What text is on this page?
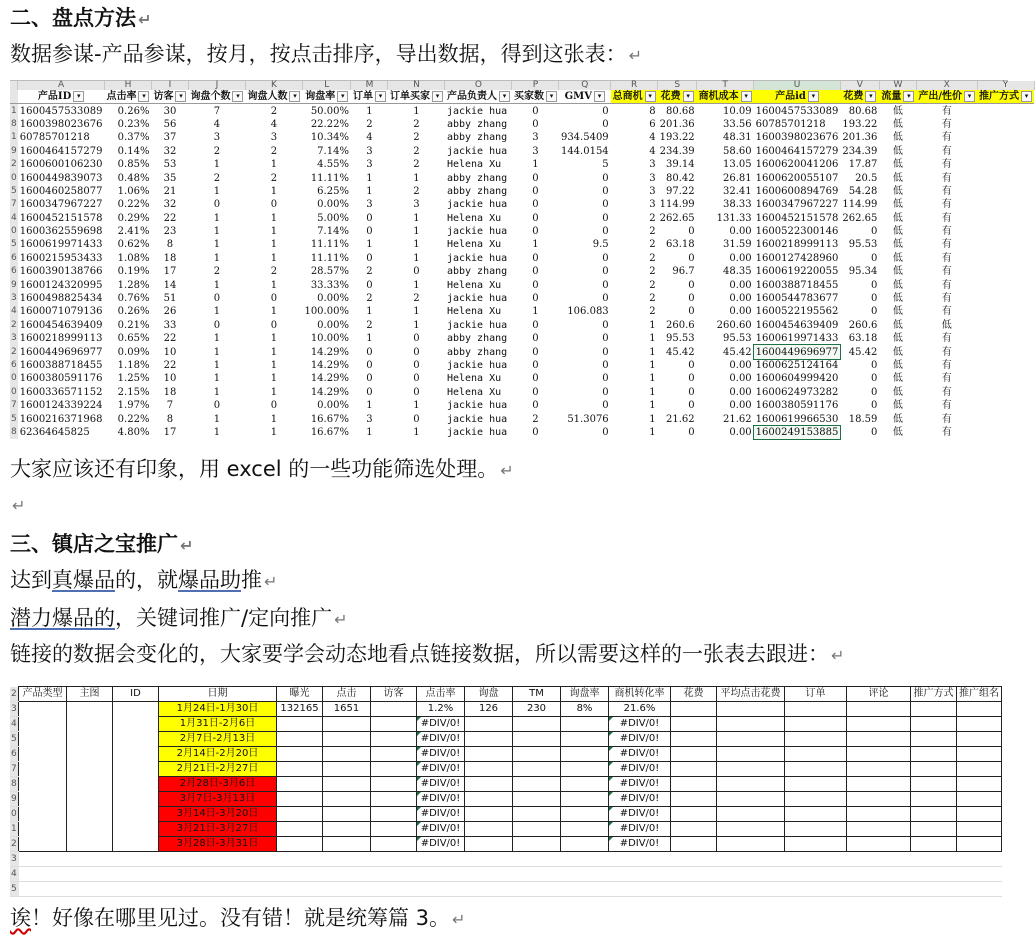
二、盘点方法 ↵
数据参谋-产品参谋，按月，按点击排序，导出数据，得到这张表： ↵
	A	H	I	J	K	L	M	N	O	P	Q	R	S	T	U	V	W	X	Y
	产品ID ▾	点击率 ▾	访客 ▾	询盘个数 ▾	询盘人数 ▾	询盘率 ▾	订单 ▾	订单买家 ▾	产品负责人 ▾	买家数 ▾	GMV ▾	总商机 ▾	花费 ▾	商机成本 ▾	产品id ▾	花费 ▾	流量 ▾	产出/性价 ▾	推广方式 ▾
1	1600457533089	0.26%	30	7	2	50.00%	1	1	jackie hua	0	0	8	80.68	10.09	1600457533089	80.68	低	有	
8	1600398023676	0.23%	56	4	4	22.22%	2	2	abby zhang	0	0	6	201.36	33.56	60785701218	193.22	低	有	
1	60785701218	0.37%	37	3	3	10.34%	4	2	abby zhang	3	934.5409	4	193.22	48.31	1600398023676	201.36	低	有	
9	1600464157279	0.14%	32	2	2	7.14%	3	2	jackie hua	3	144.0154	4	234.39	58.60	1600464157279	234.39	低	有	
2	1600600106230	0.85%	53	1	1	4.55%	3	2	Helena Xu	1	5	3	39.14	13.05	1600620041206	17.87	低	有	
0	1600449839073	0.48%	35	2	2	11.11%	1	1	abby zhang	0	0	3	80.42	26.81	1600620055107	20.5	低	有	
5	1600460258077	1.06%	21	1	1	6.25%	1	2	abby zhang	0	0	3	97.22	32.41	1600600894769	54.28	低	有	
7	1600347967227	0.22%	32	0	0	0.00%	3	3	jackie hua	0	0	3	114.99	38.33	1600347967227	114.99	低	有	
4	1600452151578	0.29%	22	1	1	5.00%	0	1	Helena Xu	0	0	2	262.65	131.33	1600452151578	262.65	低	有	
0	1600362559698	2.41%	23	1	1	7.14%	0	1	jackie hua	0	0	2	0	0.00	1600522300146	0	低	有	
5	1600619971433	0.62%	8	1	1	11.11%	1	1	Helena Xu	1	9.5	2	63.18	31.59	1600218999113	95.53	低	有	
6	1600215953433	1.08%	18	1	1	11.11%	0	1	jackie hua	0	0	2	0	0.00	1600127428960	0	低	有	
6	1600390138766	0.19%	17	2	2	28.57%	2	0	abby zhang	0	0	2	96.7	48.35	1600619220055	95.34	低	有	
9	1600124320995	1.28%	14	1	1	33.33%	0	1	Helena Xu	0	0	2	0	0.00	1600388718455	0	低	有	
3	1600498825434	0.76%	51	0	0	0.00%	2	2	jackie hua	0	0	2	0	0.00	1600544783677	0	低	有	
4	1600071079136	0.26%	26	1	1	100.00%	1	1	Helena Xu	1	106.083	2	0	0.00	1600522195562	0	低	有	
2	1600454639409	0.21%	33	0	0	0.00%	2	1	jackie hua	0	0	1	260.6	260.60	1600454639409	260.6	低	低	
3	1600218999113	0.65%	22	1	1	10.00%	1	0	abby zhang	0	0	1	95.53	95.53	1600619971433	63.18	低	有	
2	1600449696977	0.09%	10	1	1	14.29%	0	0	abby zhang	0	0	1	45.42	45.42	1600449696977	45.42	低	有	
6	1600388718455	1.18%	22	1	1	14.29%	0	0	jackie hua	0	0	1	0	0.00	1600625124164	0	低	有	
0	1600380591176	1.25%	10	1	1	14.29%	0	0	Helena Xu	0	0	1	0	0.00	1600604999420	0	低	有	
0	1600336571152	2.15%	18	1	1	14.29%	0	0	Helena Xu	0	0	1	0	0.00	1600624973282	0	低	有	
7	1600124339224	1.97%	7	0	0	0.00%	1	1	jackie hua	0	0	1	0	0.00	1600380591176	0	低	有	
5	1600216371968	0.22%	8	1	1	16.67%	3	0	jackie hua	2	51.3076	1	21.62	21.62	1600619966530	18.59	低	有	
8	62364645825	4.80%	17	1	1	16.67%	1	1	jackie hua	0	0	1	0	0.00	1600249153885	0	低	有	
大家应该还有印象，用 excel 的一些功能筛选处理。 ↵
↵
三、镇店之宝推广 ↵
达到真爆品的，就爆品助推 ↵
潜力爆品的，关键词推广/定向推广 ↵
链接的数据会变化的，大家要学会动态地看点链接数据，所以需要这样的一张表去跟进： ↵
2	产品类型	主图	ID	日期	曝光	点击	访客	点击率	询盘	TM	询盘率	商机转化率	花费	平均点击花费	订单	评论	推广方式	推广组名
3				1月24日-1月30日	132165	1651		1.2%	126	230	8%	21.6%						
4				1月31日-2月6日				#DIV/0!				#DIV/0!						
5				2月7日-2月13日				#DIV/0!				#DIV/0!						
6				2月14日-2月20日				#DIV/0!				#DIV/0!						
7				2月21日-2月27日				#DIV/0!				#DIV/0!						
8				2月28日-3月6日				#DIV/0!				#DIV/0!						
9				3月7日-3月13日				#DIV/0!				#DIV/0!						
0				3月14日-3月20日				#DIV/0!				#DIV/0!						
1				3月21日-3月27日				#DIV/0!				#DIV/0!						
2				3月28日-3月31日				#DIV/0!				#DIV/0!						
3																		
4																		
5																		
诶！好像在哪里见过。没有错！就是统筹篇 3。 ↵
